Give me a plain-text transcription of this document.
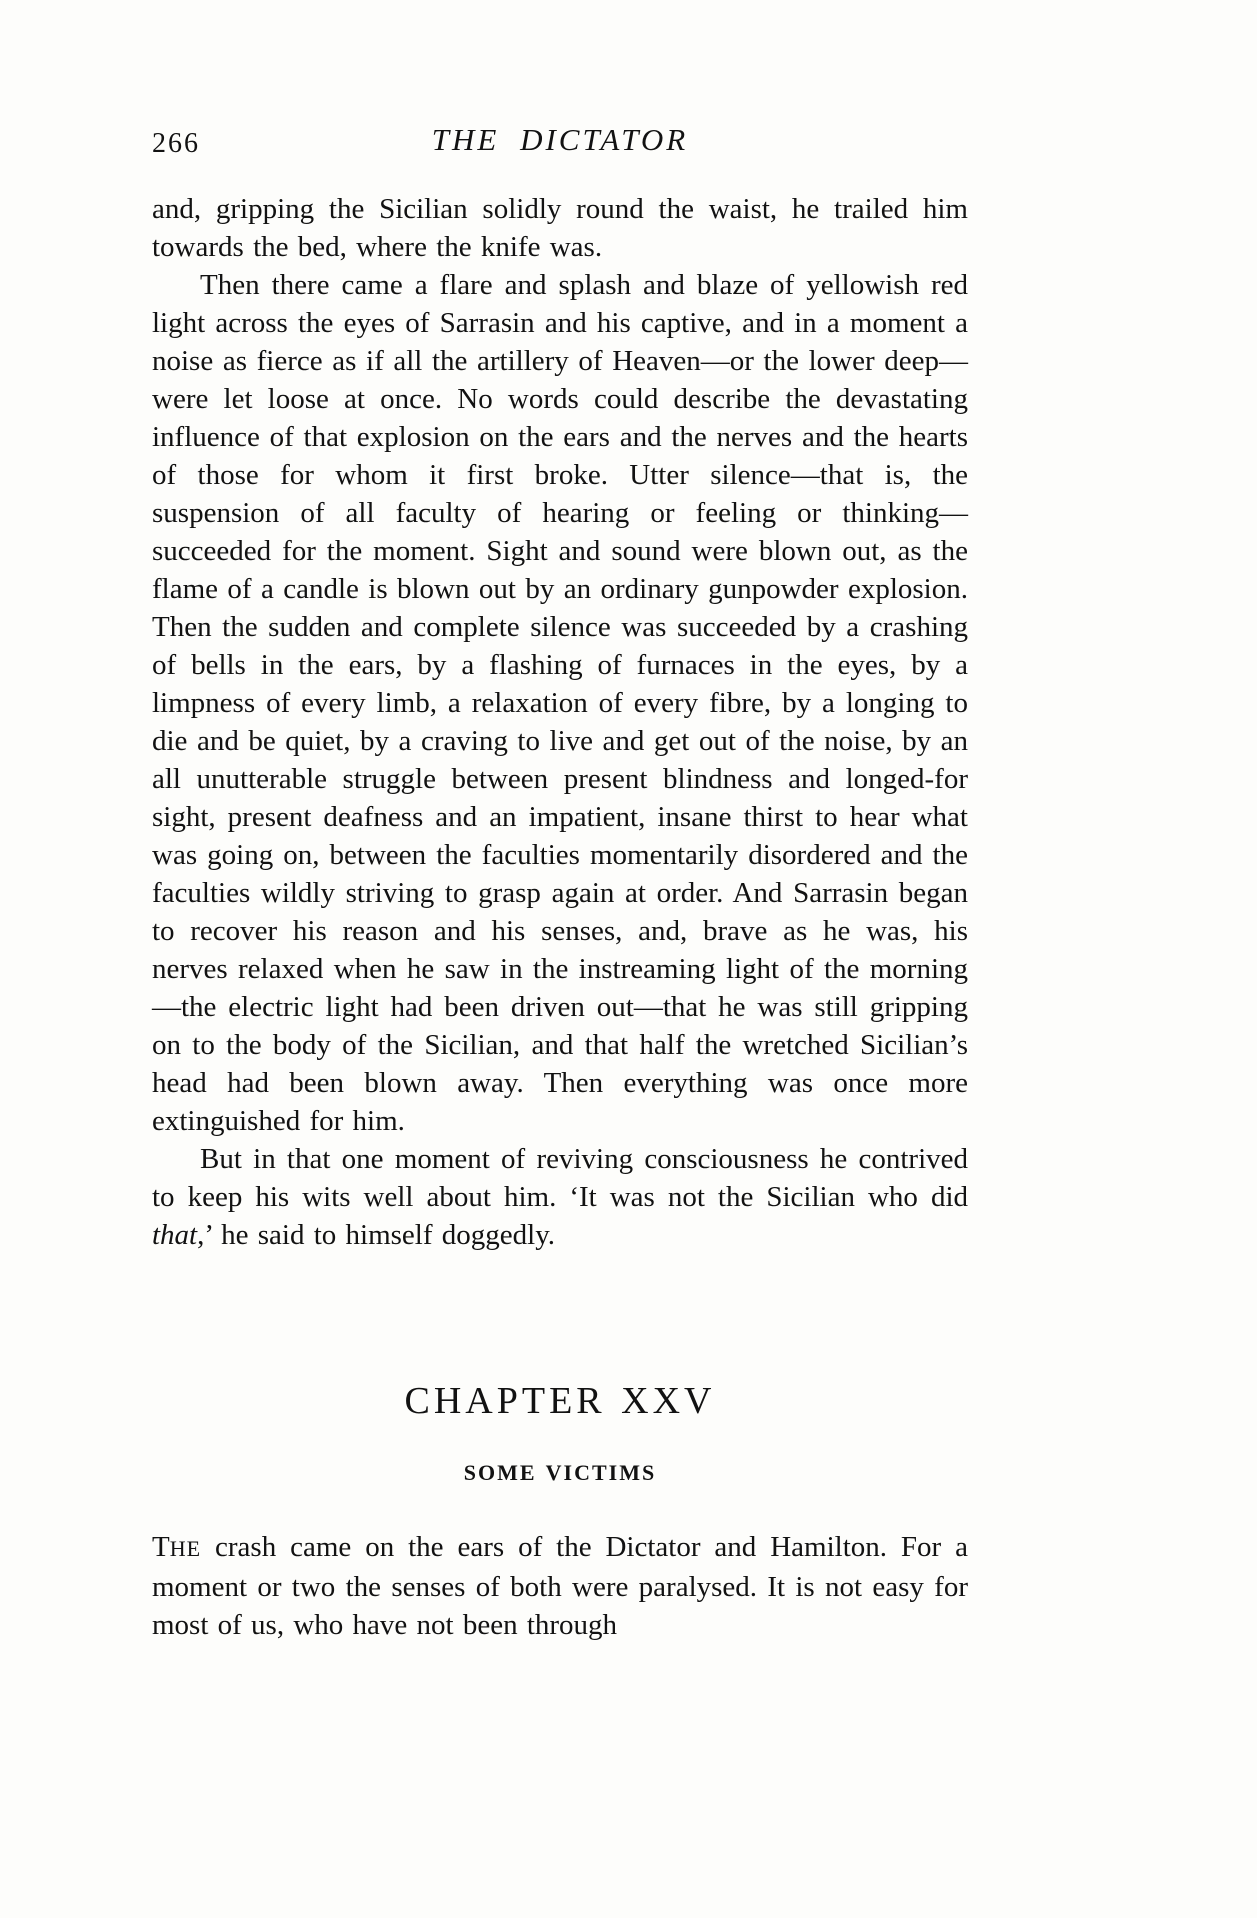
266	THE DICTATOR

and, gripping the Sicilian solidly round the waist, he trailed him towards the bed, where the knife was.

Then there came a flare and splash and blaze of yellowish red light across the eyes of Sarrasin and his captive, and in a moment a noise as fierce as if all the artillery of Heaven—or the lower deep—were let loose at once. No words could describe the devastating influence of that explosion on the ears and the nerves and the hearts of those for whom it first broke. Utter silence—that is, the suspension of all faculty of hearing or feeling or thinking—succeeded for the moment. Sight and sound were blown out, as the flame of a candle is blown out by an ordinary gunpowder explosion. Then the sudden and complete silence was succeeded by a crashing of bells in the ears, by a flashing of furnaces in the eyes, by a limpness of every limb, a relaxation of every fibre, by a longing to die and be quiet, by a craving to live and get out of the noise, by an all unutterable struggle between present blindness and longed-for sight, present deafness and an impatient, insane thirst to hear what was going on, between the faculties momentarily disordered and the faculties wildly striving to grasp again at order. And Sarrasin began to recover his reason and his senses, and, brave as he was, his nerves relaxed when he saw in the instreaming light of the morning—the electric light had been driven out—that he was still gripping on to the body of the Sicilian, and that half the wretched Sicilian’s head had been blown away. Then everything was once more extinguished for him.

But in that one moment of reviving consciousness he contrived to keep his wits well about him. ‘It was not the Sicilian who did that,’ he said to himself doggedly.

CHAPTER XXV
SOME VICTIMS

THE crash came on the ears of the Dictator and Hamilton. For a moment or two the senses of both were paralysed. It is not easy for most of us, who have not been through
